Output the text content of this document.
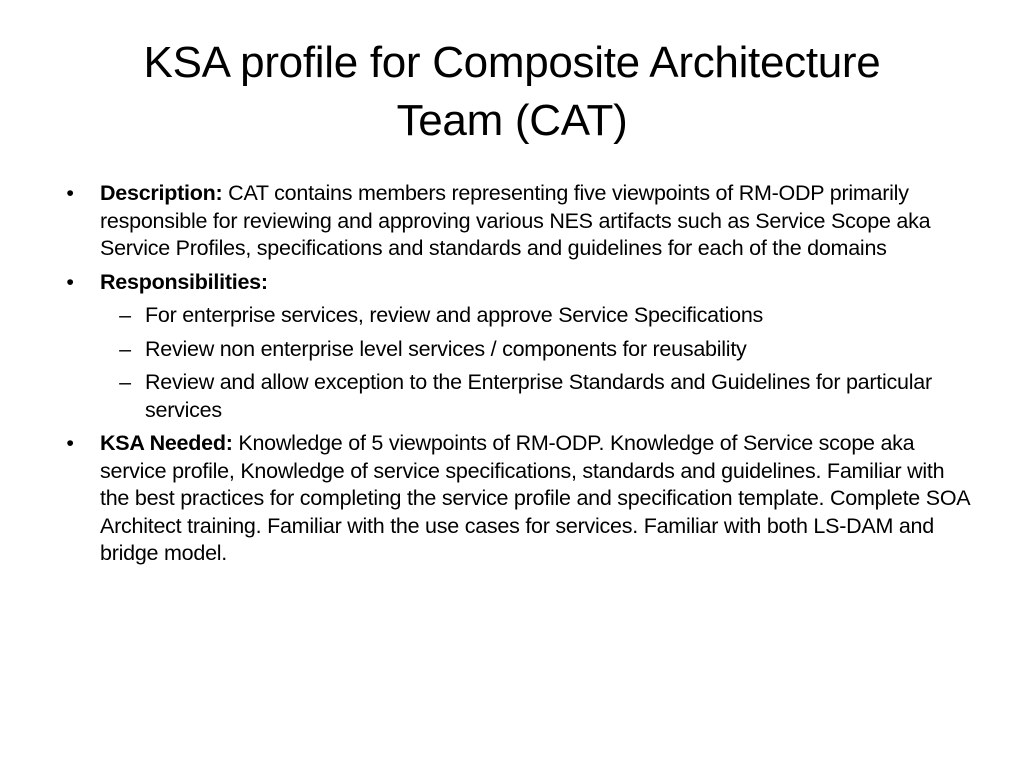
KSA profile for Composite Architecture
Team (CAT)
• Description: CAT contains members representing five viewpoints of RM-ODP primarily responsible for reviewing and approving various NES artifacts such as Service Scope aka Service Profiles, specifications and standards and guidelines for each of the domains
• Responsibilities:
– For enterprise services, review and approve Service Specifications
– Review non enterprise level services / components for reusability
– Review and allow exception to the Enterprise Standards and Guidelines for particular services
• KSA Needed: Knowledge of 5 viewpoints of RM-ODP. Knowledge of Service scope aka service profile, Knowledge of service specifications, standards and guidelines. Familiar with the best practices for completing the service profile and specification template. Complete SOA Architect training. Familiar with the use cases for services. Familiar with both LS-DAM and bridge model.
